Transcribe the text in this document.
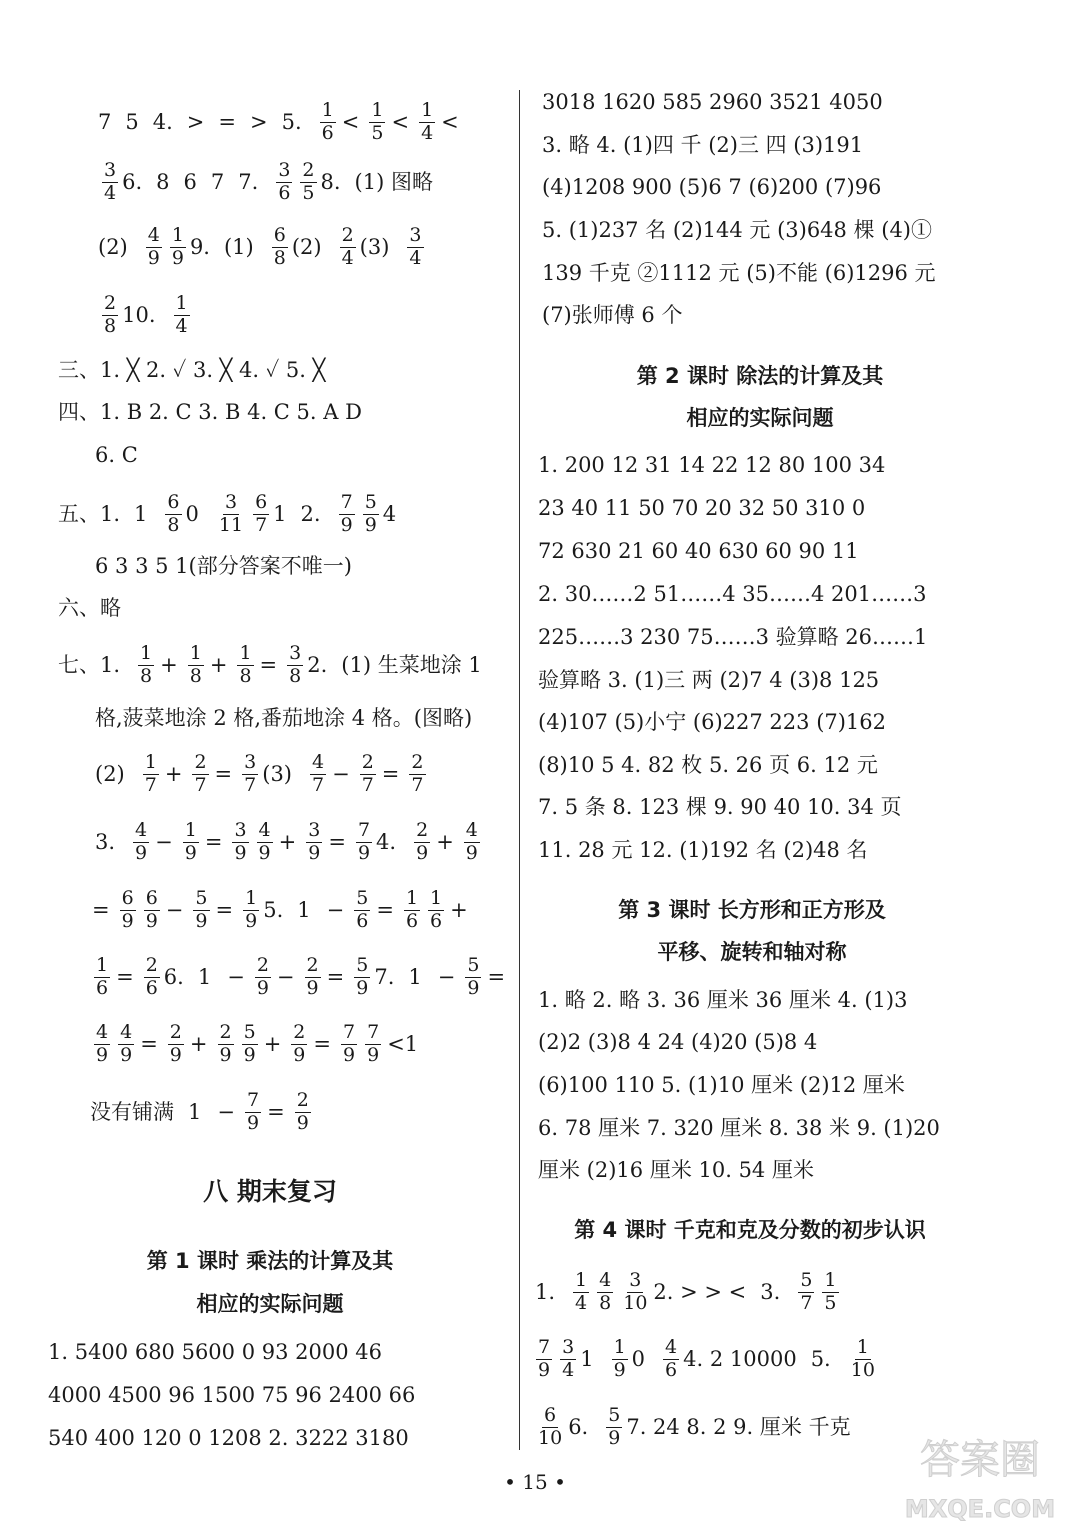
7 5 4. > = > 5. $\frac{1}{6} < \frac{1}{5} < \frac{1}{4}$ <
$\frac{3}{4} 6$. 8 6 7 7. $\frac{3}{6} \frac{2}{5} 8$. (1) 图略
$(2) \frac{4}{9} \frac{1}{9} 9$. $(1) \frac{6}{8} (2) \frac{2}{4} (3) \frac{3}{4}$
$\frac{2}{8} 10$. $\frac{1}{4}$
三、1. ╳ 2. ✓ 3. ╳ 4. ✓ 5. ╳
四、1. B 2. C 3. B 4. C 5. A D
6. C
五、1. $1 \frac{6}{8} 0 \frac{3}{11} \frac{6}{7} 1$ 2. $\frac{7}{9} \frac{5}{9} 4$
6 3 3 5 1(部分答案不唯一)
六、略
七、1. $\frac{1}{8} + \frac{1}{8} + \frac{1}{8} = \frac{3}{8} 2$. (1) 生菜地涂 1
格,菠菜地涂 2 格,番茄地涂 4 格。(图略)
$(2) \frac{1}{7} + \frac{2}{7} = \frac{3}{7} (3) \frac{4}{7} - \frac{2}{7} = \frac{2}{7}$
3. $\frac{4}{9} - \frac{1}{9} = \frac{3}{9} \frac{4}{9} + \frac{3}{9} = \frac{7}{9} 4$. $\frac{2}{9} + \frac{4}{9}$
= $\frac{6}{9} \frac{6}{9} - \frac{5}{9} = \frac{1}{9} 5$. $1 - \frac{5}{6} = \frac{1}{6} \frac{1}{6}$ +
$\frac{1}{6} = \frac{2}{6} 6$. $1 - \frac{2}{9} - \frac{2}{9} = \frac{5}{9} 7$. $1 - \frac{5}{9}$ =
$\frac{4}{9} \frac{4}{9} = \frac{2}{9} + \frac{2}{9} \frac{5}{9} + \frac{2}{9} = \frac{7}{9} \frac{7}{9} <1$
没有铺满 $1 - \frac{7}{9} = \frac{2}{9}$
八 期末复习
第 1 课时 乘法的计算及其
相应的实际问题
1. 5400 680 5600 0 93 2000 46
4000 4500 96 1500 75 96 2400 66
540 400 120 0 1208 2. 3222 3180
3018 1620 585 2960 3521 4050
3. 略 4. (1)四 千 (2)三 四 (3)191
(4)1208 900 (5)6 7 (6)200 (7)96
5. (1)237 名 (2)144 元 (3)648 棵 (4)①
139 千克 ②1112 元 (5)不能 (6)1296 元
(7)张师傅 6 个
第 2 课时 除法的计算及其
相应的实际问题
1. 200 12 31 14 22 12 80 100 34
23 40 11 50 70 20 32 50 310 0
72 630 21 60 40 630 60 90 11
2. 30……2 51……4 35……4 201……3
225……3 230 75……3 验算略 26……1
验算略 3. (1)三 两 (2)7 4 (3)8 125
(4)107 (5)小宁 (6)227 223 (7)162
(8)10 5 4. 82 枚 5. 26 页 6. 12 元
7. 5 条 8. 123 棵 9. 90 40 10. 34 页
11. 28 元 12. (1)192 名 (2)48 名
第 3 课时 长方形和正方形及
平移、旋转和轴对称
1. 略 2. 略 3. 36 厘米 36 厘米 4. (1)3
(2)2 (3)8 4 24 (4)20 (5)8 4
(6)100 110 5. (1)10 厘米 (2)12 厘米
6. 78 厘米 7. 320 厘米 8. 38 米 9. (1)20
厘米 (2)16 厘米 10. 54 厘米
第 4 课时 千克和克及分数的初步认识
1. $\frac{1}{4} \frac{4}{8} \frac{3}{10} 2$. > > < 3. $\frac{5}{7} \frac{1}{5}$
$\frac{7}{9} \frac{3}{4} 1 \frac{1}{9} 0 \frac{4}{6} 4$. 2 10000 5. $\frac{1}{10}$
$\frac{6}{10} 6$. $\frac{5}{9} 7$. 24 8. 2 9. 厘米 千克
• 15 •	答案圈
MXQE.COM
